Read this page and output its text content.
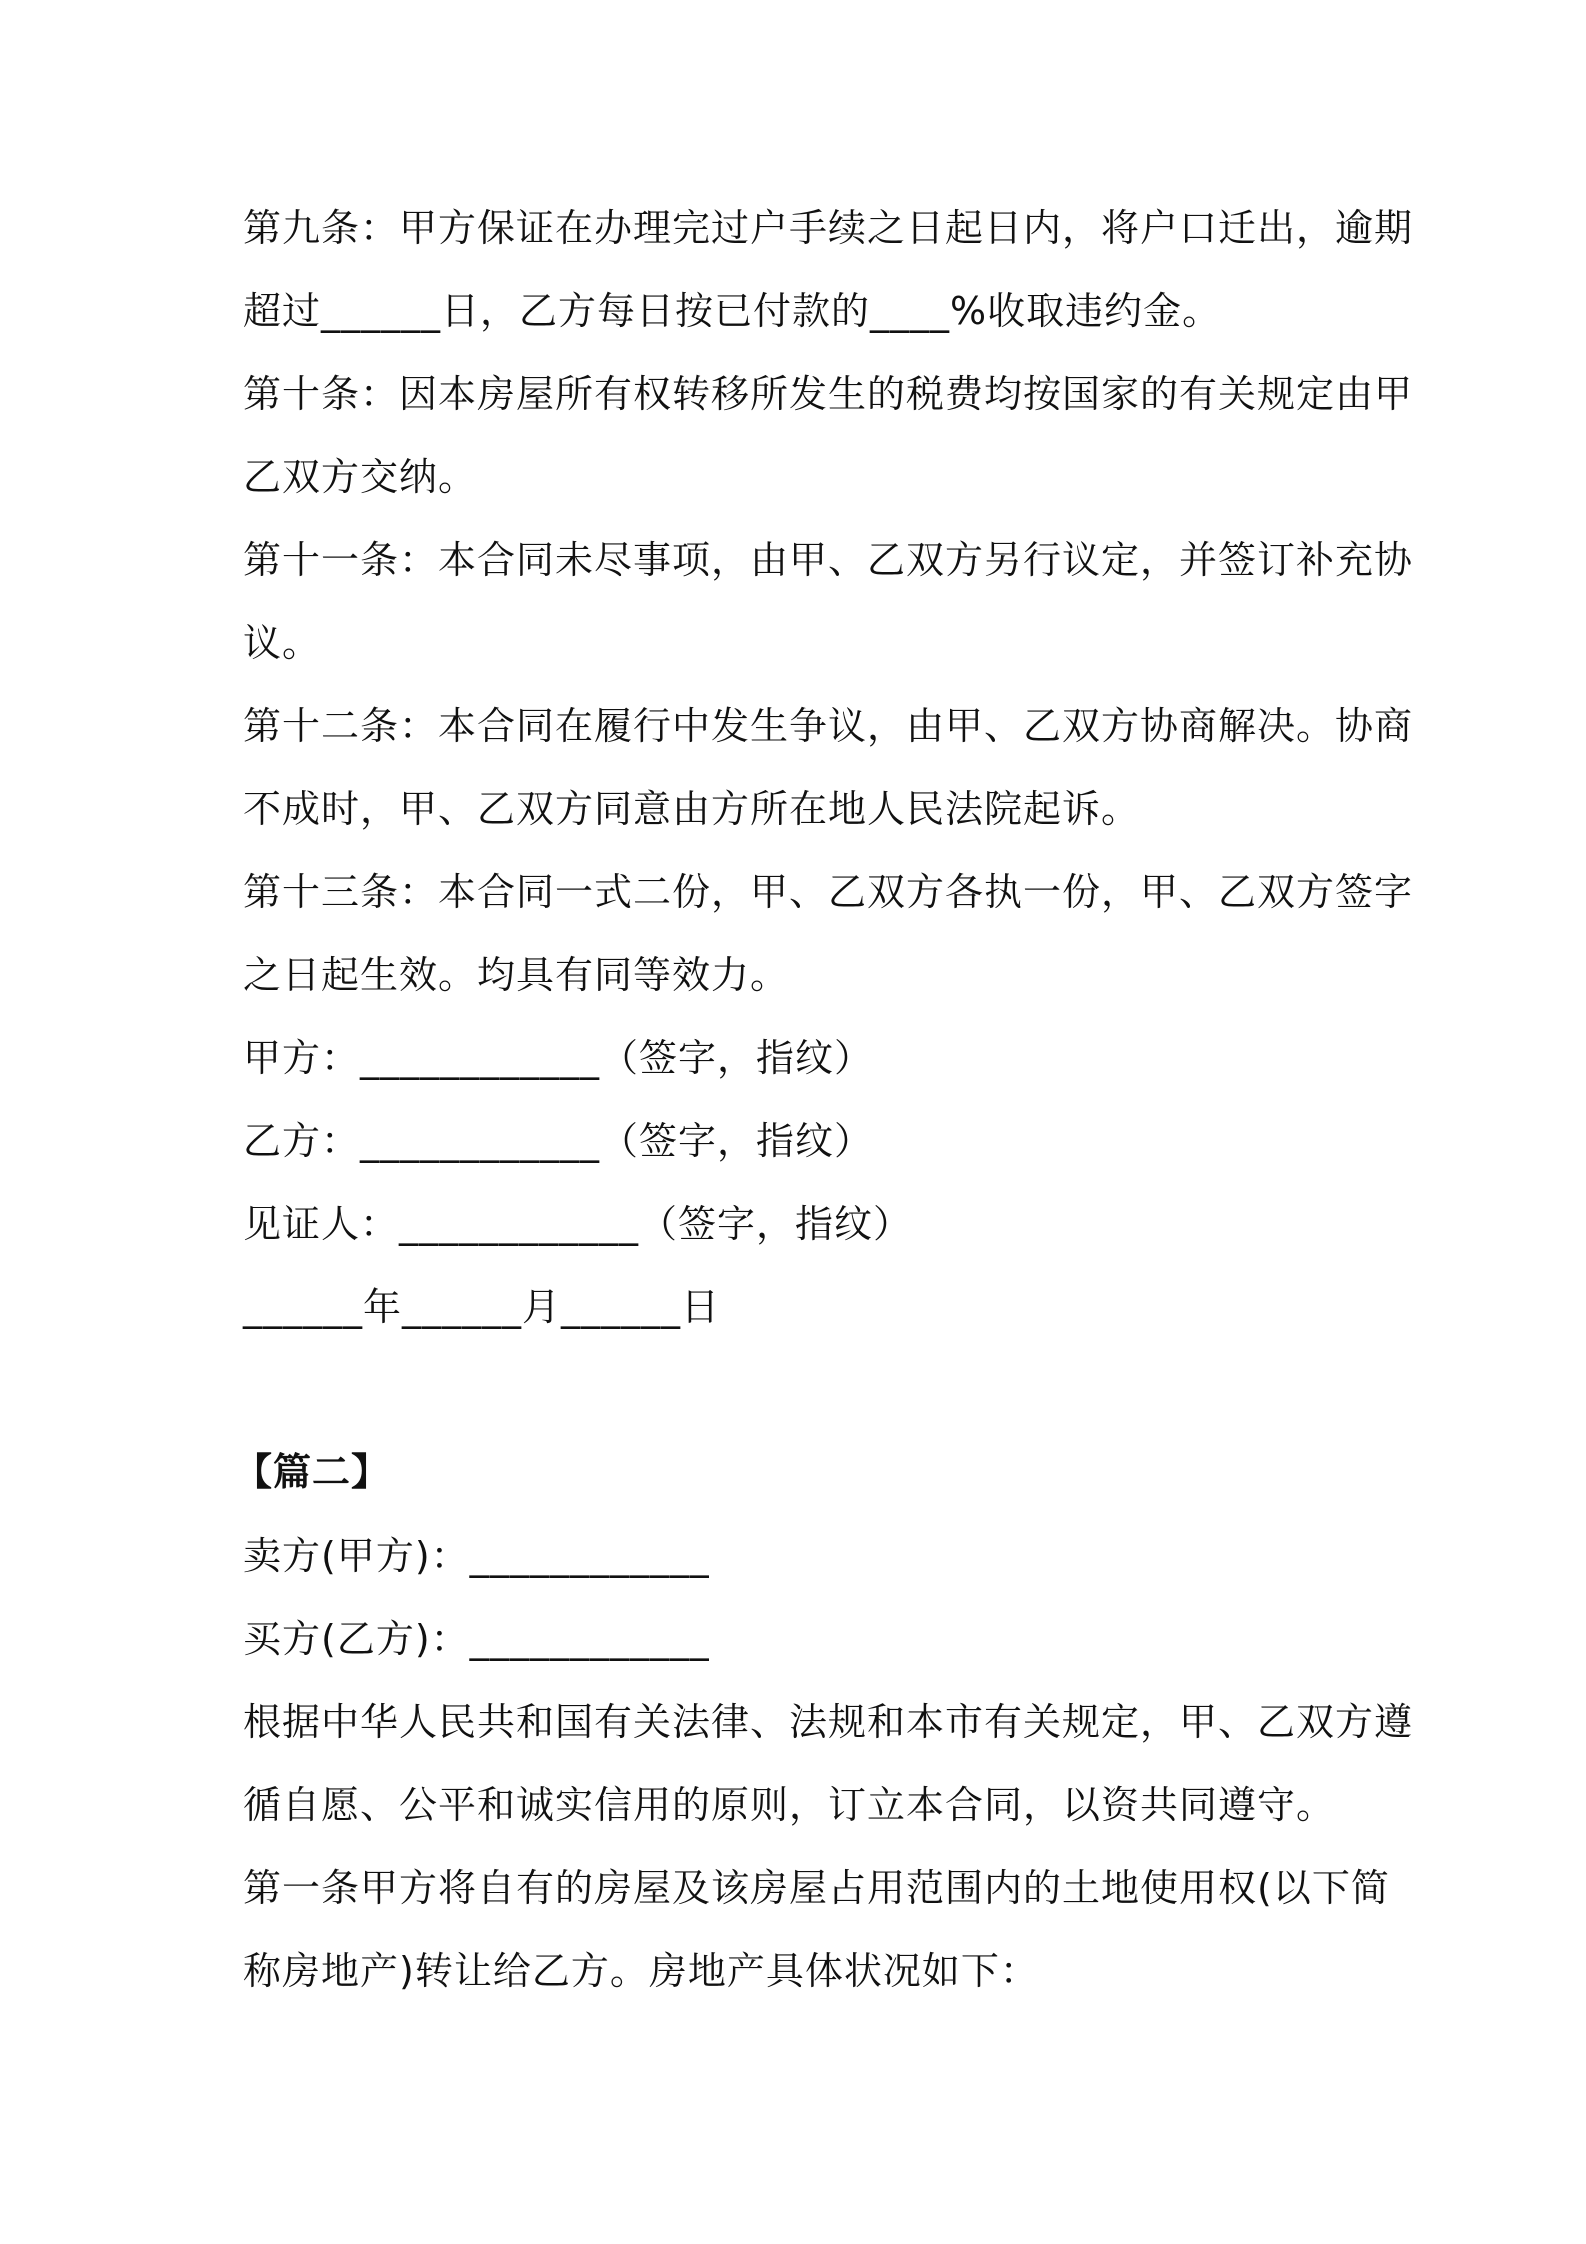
第九条：甲方保证在办理完过户手续之日起日内，将户口迁出，逾期
超过______日，乙方每日按已付款的____%收取违约金。
第十条：因本房屋所有权转移所发生的税费均按国家的有关规定由甲
乙双方交纳。
第十一条：本合同未尽事项，由甲、乙双方另行议定，并签订补充协
议。
第十二条：本合同在履行中发生争议，由甲、乙双方协商解决。协商
不成时，甲、乙双方同意由方所在地人民法院起诉。
第十三条：本合同一式二份，甲、乙双方各执一份，甲、乙双方签字
之日起生效。均具有同等效力。
甲方：____________（签字，指纹）
乙方：____________（签字，指纹）
见证人：____________（签字，指纹）
______年______月______日
【篇二】
卖方(甲方)：____________
买方(乙方)：____________
根据中华人民共和国有关法律、法规和本市有关规定，甲、乙双方遵
循自愿、公平和诚实信用的原则，订立本合同，以资共同遵守。
第一条甲方将自有的房屋及该房屋占用范围内的土地使用权(以下简
称房地产)转让给乙方。房地产具体状况如下：
